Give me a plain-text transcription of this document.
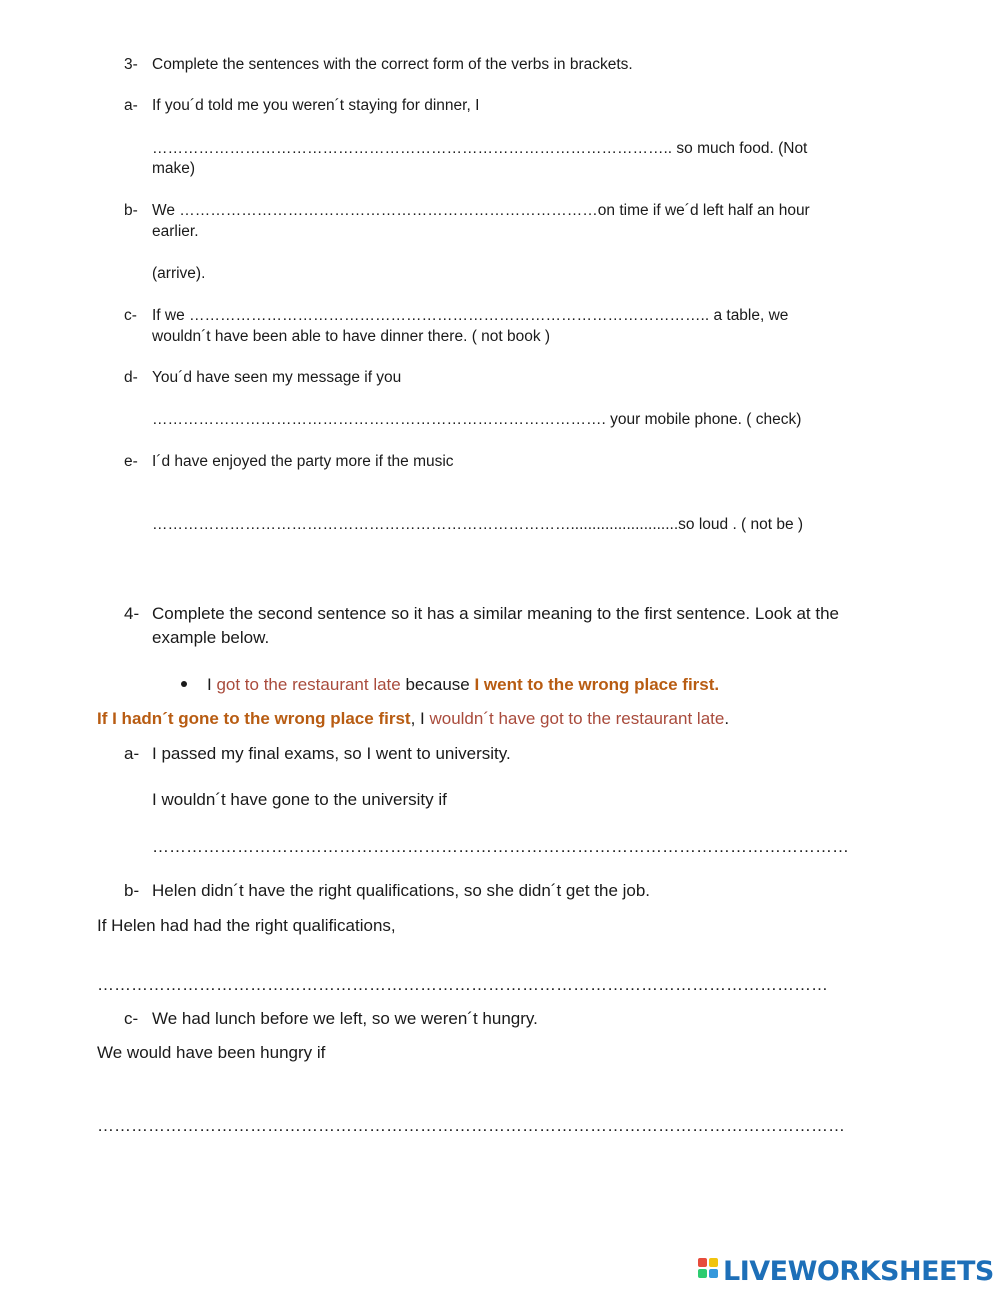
3- Complete the sentences with the correct form of the verbs in brackets.
a- If you´d told me you weren´t staying for dinner, I
……………………………………………………………………………………….. so much food. (Not
make)
b- We ………………………………………………………………………on time if we´d left half an hour
earlier.
(arrive).
c- If we ……………………………………………………………………………………….. a table, we
wouldn´t have been able to have dinner there. ( not book )
d- You´d have seen my message if you
……………………………………………………………………………. your mobile phone. ( check)
e- I´d have enjoyed the party more if the music
……………………………………………………………………….........................so loud . ( not be )
4- Complete the second sentence so it has a similar meaning to the first sentence. Look at the
example below.
I got to the restaurant late because I went to the wrong place first.
If I hadn´t gone to the wrong place first, I wouldn´t have got to the restaurant late.
a- I passed my final exams, so I went to university.
I wouldn´t have gone to the university if
……………………………………………………………………………………………………………
b- Helen didn´t have the right qualifications, so she didn´t get the job.
If Helen had had the right qualifications,
…………………………………………………………………………………………………………………
c- We had lunch before we left, so we weren´t hungry.
We would have been hungry if
……………………………………………………………………………………………………………………
LIVEWORKSHEETS
